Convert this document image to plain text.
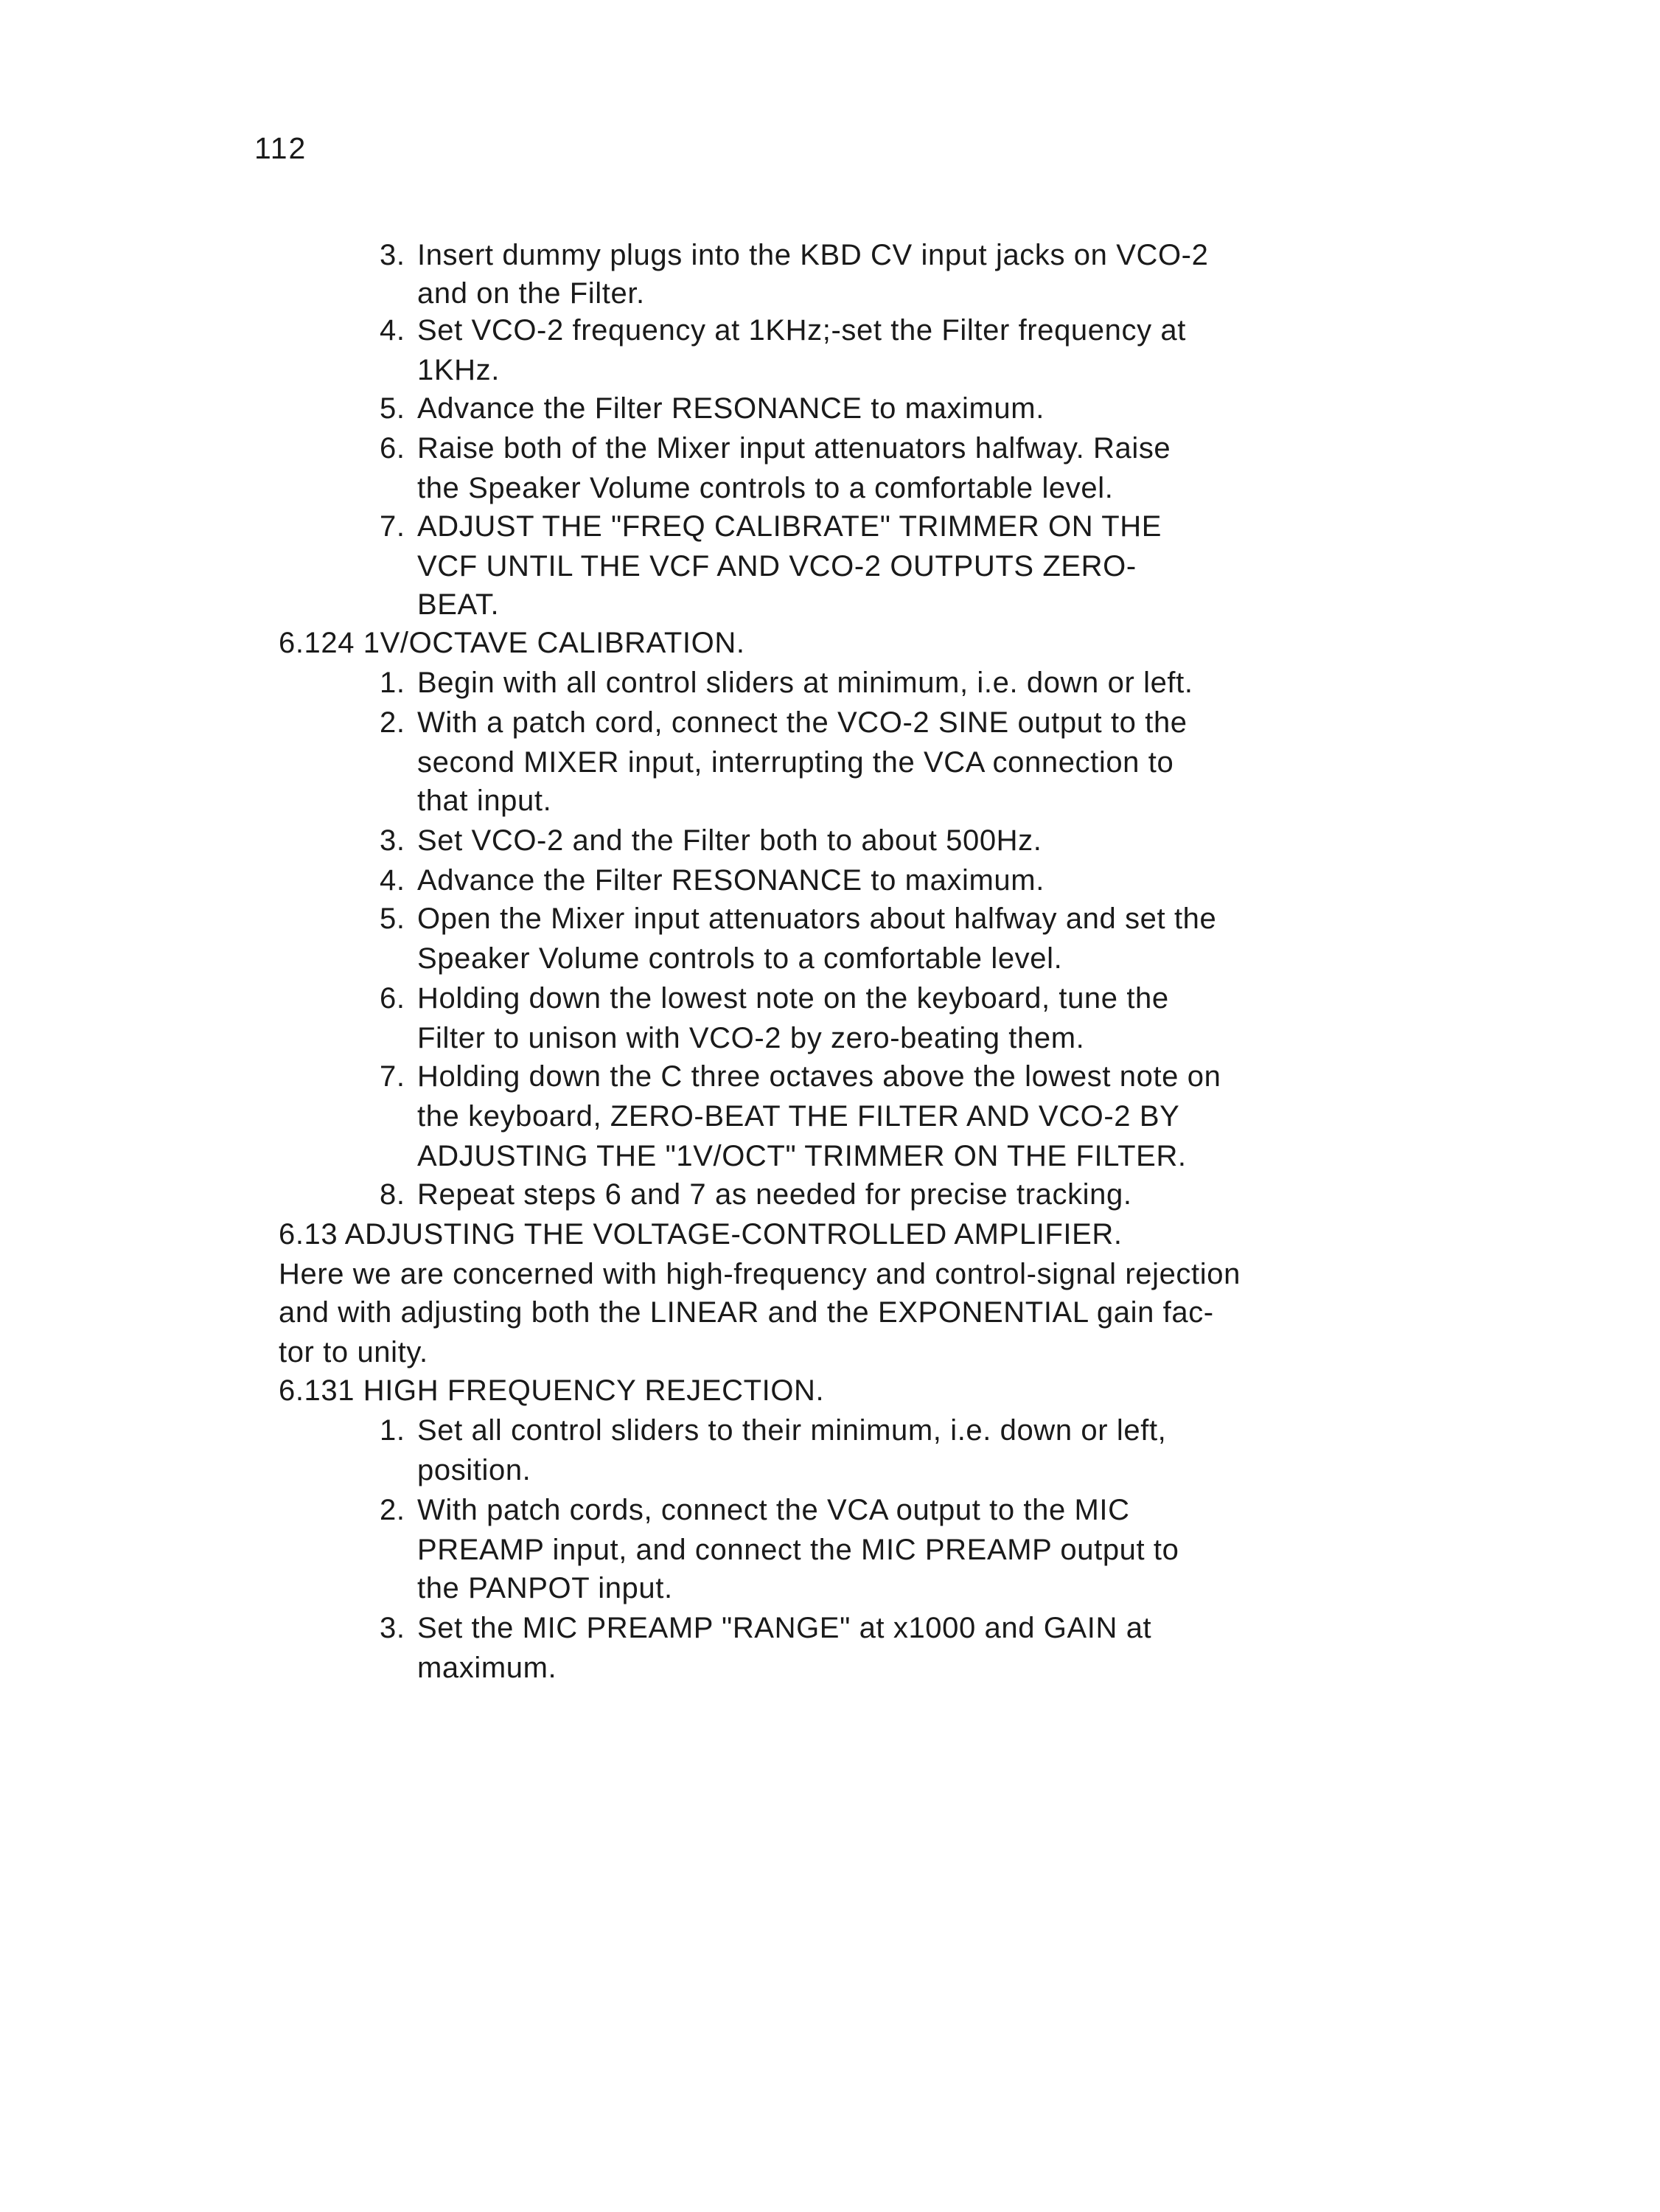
112
3. Insert dummy plugs into the KBD CV input jacks on VCO-2
and on the Filter.
4. Set VCO-2 frequency at 1KHz;-set the Filter frequency at
1KHz.
5. Advance the Filter RESONANCE to maximum.
6. Raise both of the Mixer input attenuators halfway. Raise
the Speaker Volume controls to a comfortable level.
7. ADJUST THE "FREQ CALIBRATE" TRIMMER ON THE
VCF UNTIL THE VCF AND VCO-2 OUTPUTS ZERO-
BEAT.
6.124 1V/OCTAVE CALIBRATION.
1. Begin with all control sliders at minimum, i.e. down or left.
2. With a patch cord, connect the VCO-2 SINE output to the
second MIXER input, interrupting the VCA connection to
that input.
3. Set VCO-2 and the Filter both to about 500Hz.
4. Advance the Filter RESONANCE to maximum.
5. Open the Mixer input attenuators about halfway and set the
Speaker Volume controls to a comfortable level.
6. Holding down the lowest note on the keyboard, tune the
Filter to unison with VCO-2 by zero-beating them.
7. Holding down the C three octaves above the lowest note on
the keyboard, ZERO-BEAT THE FILTER AND VCO-2 BY
ADJUSTING THE "1V/OCT" TRIMMER ON THE FILTER.
8. Repeat steps 6 and 7 as needed for precise tracking.
6.13 ADJUSTING THE VOLTAGE-CONTROLLED AMPLIFIER.
Here we are concerned with high-frequency and control-signal rejection
and with adjusting both the LINEAR and the EXPONENTIAL gain fac-
tor to unity.
6.131 HIGH FREQUENCY REJECTION.
1. Set all control sliders to their minimum, i.e. down or left,
position.
2. With patch cords, connect the VCA output to the MIC
PREAMP input, and connect the MIC PREAMP output to
the PANPOT input.
3. Set the MIC PREAMP "RANGE" at x1000 and GAIN at
maximum.
